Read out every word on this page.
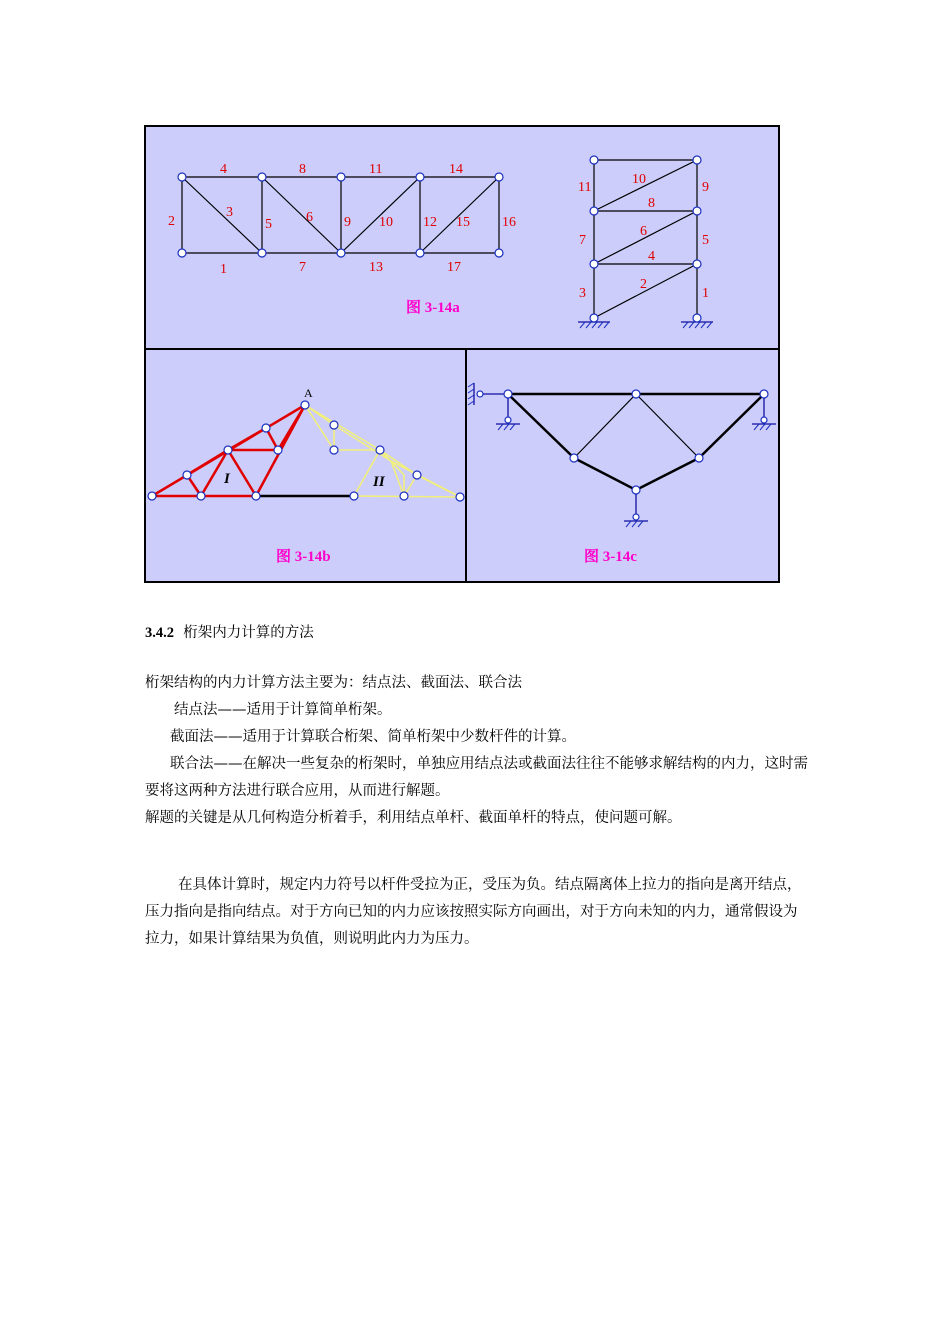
1
2
3
4
5 6
7
8
9 10
11
12
13
14
15 16
17
1
2
3
4
5
6
7
8
9
10
11
图 3-14a
A
I	II
图 3-14b	图 3-14c
3.4.2 桁架内力计算的方法

桁架结构的内力计算方法主要为：结点法、截面法、联合法

结点法——适用于计算简单桁架。

截面法——适用于计算联合桁架、简单桁架中少数杆件的计算。

联合法——在解决一些复杂的桁架时，单独应用结点法或截面法往往不能够求解结构的内力，这时需要将这两种方法进行联合应用，从而进行解题。

解题的关键是从几何构造分析着手，利用结点单杆、截面单杆的特点，使问题可解。

在具体计算时，规定内力符号以杆件受拉为正，受压为负。结点隔离体上拉力的指向是离开结点，压力指向是指向结点。对于方向已知的内力应该按照实际方向画出，对于方向未知的内力，通常假设为拉力，如果计算结果为负值，则说明此内力为压力。
